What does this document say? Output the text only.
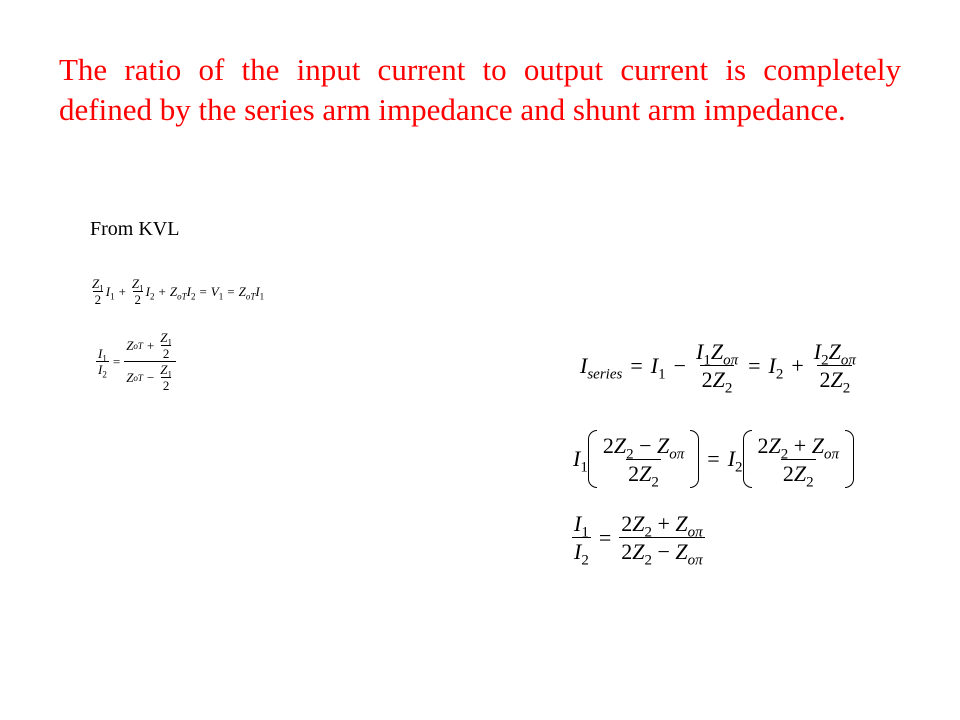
The ratio of the input current to output current is completely defined by the series arm impedance and shunt arm impedance.

From KVL
$\frac{Z_1}{2} I_1 + \frac{Z_1}{2} I_2 + Z_{oT}$ $I_2 = V_1 = Z_{oT}$ $I_1$
$\frac{I_1}{I_2} = \frac{Z oT + \frac{Z_1}{2}}{Z oT - \frac{Z_1}{2}}$	$I_{series} = I_1 - \frac{I_1Z_{o\pi}}{2Z_2} = I_2 + \frac{I_2Z_{o\pi}}{2Z_2}$
$I_1 \frac{2Z_2 - Z_{o\pi}}{2Z_2} = I_2 \frac{2Z_2 + Z_{o\pi}}{2Z_2}$
$\frac{I_1}{I_2} = \frac{2Z_2 + Z_{o\pi}}{2Z_2 - Z_{o\pi}}$
